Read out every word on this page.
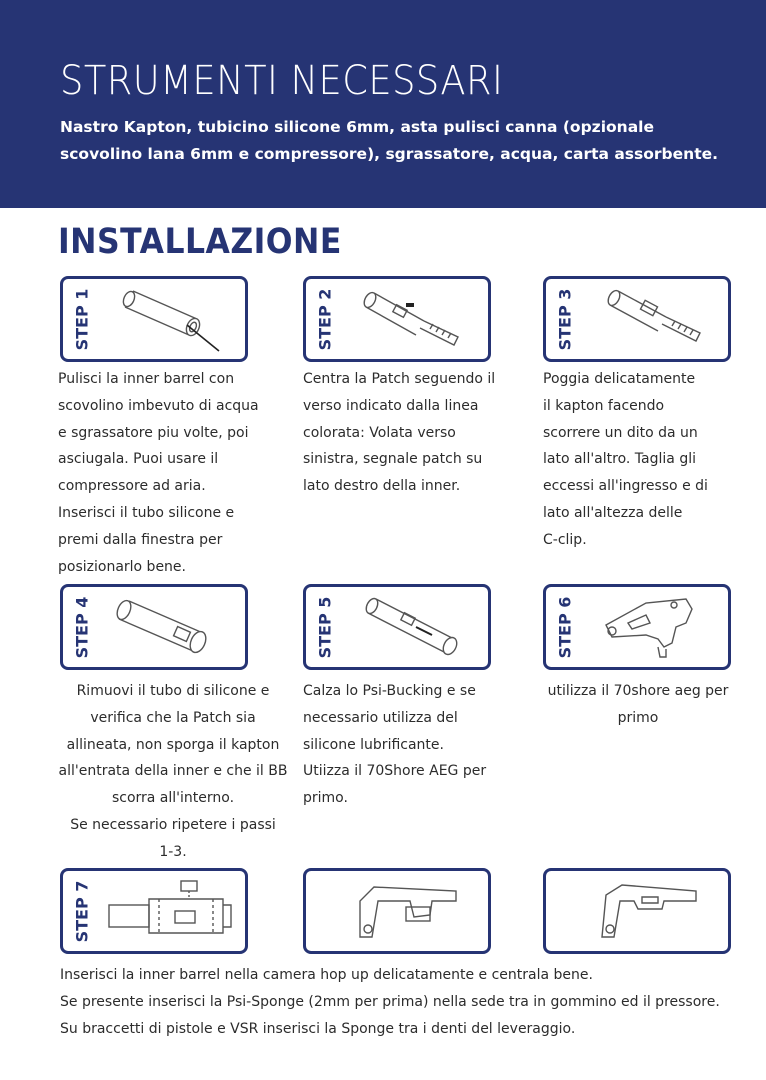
STRUMENTI NECESSARI
Nastro Kapton, tubicino silicone 6mm, asta pulisci canna (opzionale scovolino lana 6mm e compressore), sgrassatore, acqua, carta assorbente.
INSTALLAZIONE
STEP 1
Pulisci la inner barrel con
scovolino imbevuto di acqua
e sgrassatore piu volte, poi
asciugala. Puoi usare il
compressore ad aria.
Inserisci il tubo silicone e
premi dalla finestra per
posizionarlo bene.
STEP 2
Centra la Patch seguendo il
verso indicato dalla linea
colorata: Volata verso
sinistra, segnale patch su
lato destro della inner.
STEP 3
Poggia delicatamente
il kapton facendo
scorrere un dito da un
lato all'altro. Taglia gli
eccessi all'ingresso e di
lato all'altezza delle
C-clip.
STEP 4
Rimuovi il tubo di silicone e
verifica che la Patch sia
allineata, non sporga il kapton
all'entrata della inner e che il BB
scorra all'interno.
Se necessario ripetere i passi
1-3.
STEP 5
Calza lo Psi-Bucking e se
necessario utilizza del
silicone lubrificante.
Utiizza il 70Shore AEG per
primo.
STEP 6
utilizza il 70shore aeg per
primo
STEP 7
Inserisci la inner barrel nella camera hop up delicatamente e centrala bene.
Se presente inserisci la Psi-Sponge (2mm per prima) nella sede tra in gommino ed il pressore.
Su braccetti di pistole e VSR inserisci la Sponge tra i denti del leveraggio.
